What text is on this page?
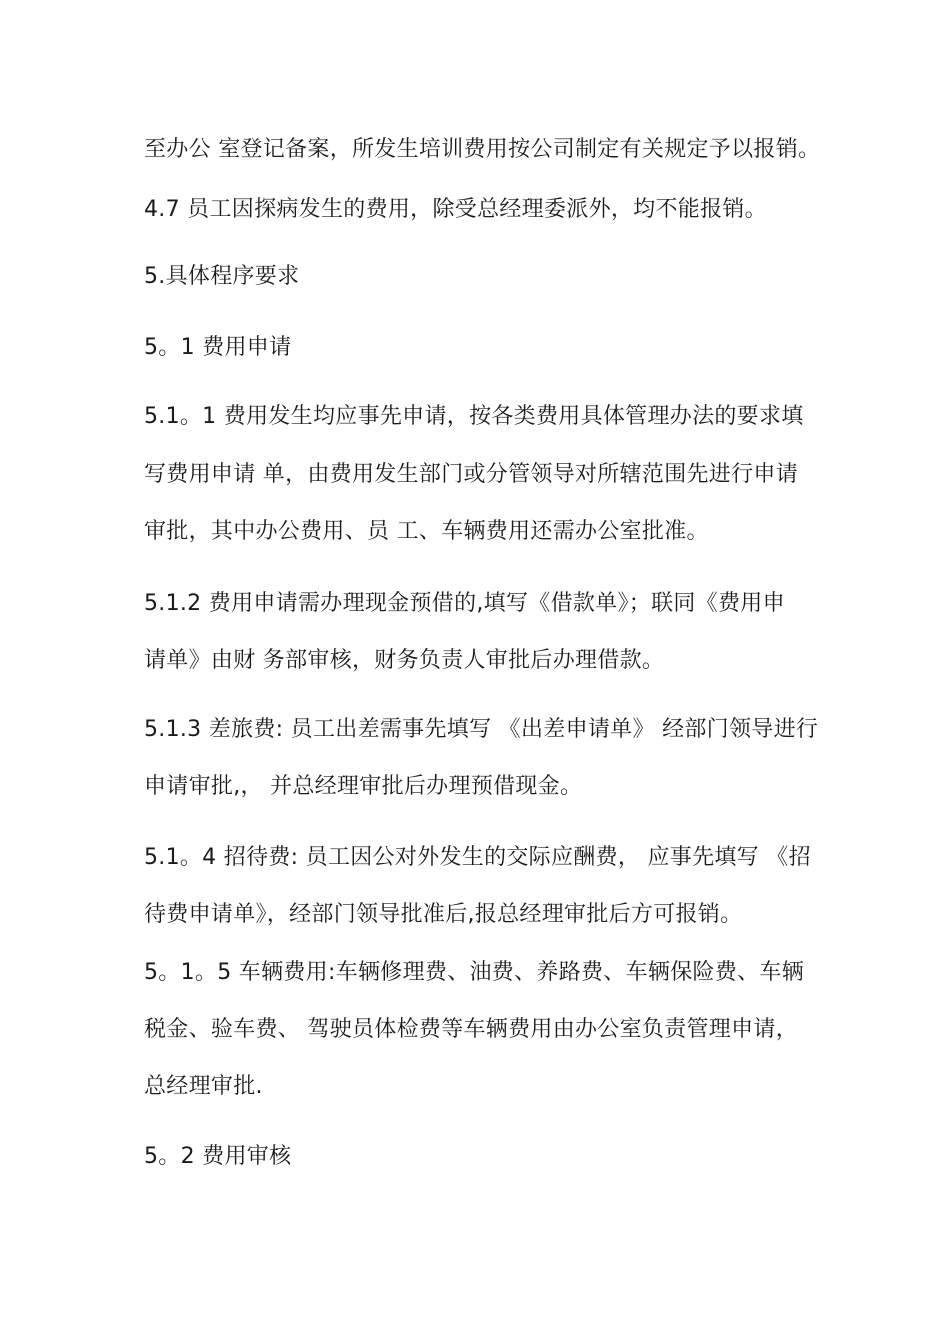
至办公 室登记备案，所发生培训费用按公司制定有关规定予以报销。
4.7 员工因探病发生的费用，除受总经理委派外，均不能报销。
5.具体程序要求
5。1 费用申请
5.1。1 费用发生均应事先申请，按各类费用具体管理办法的要求填
写费用申请 单，由费用发生部门或分管领导对所辖范围先进行申请
审批，其中办公费用、员 工、车辆费用还需办公室批准。
5.1.2 费用申请需办理现金预借的,填写《借款单》；联同《费用申
请单》由财 务部审核，财务负责人审批后办理借款。
5.1.3 差旅费: 员工出差需事先填写 《出差申请单》 经部门领导进行
申请审批,， 并总经理审批后办理预借现金。
5.1。4 招待费: 员工因公对外发生的交际应酬费， 应事先填写 《招
待费申请单》，经部门领导批准后,报总经理审批后方可报销。
5。1。5 车辆费用:车辆修理费、油费、养路费、车辆保险费、车辆
税金、验车费、 驾驶员体检费等车辆费用由办公室负责管理申请，
总经理审批.
5。2 费用审核
